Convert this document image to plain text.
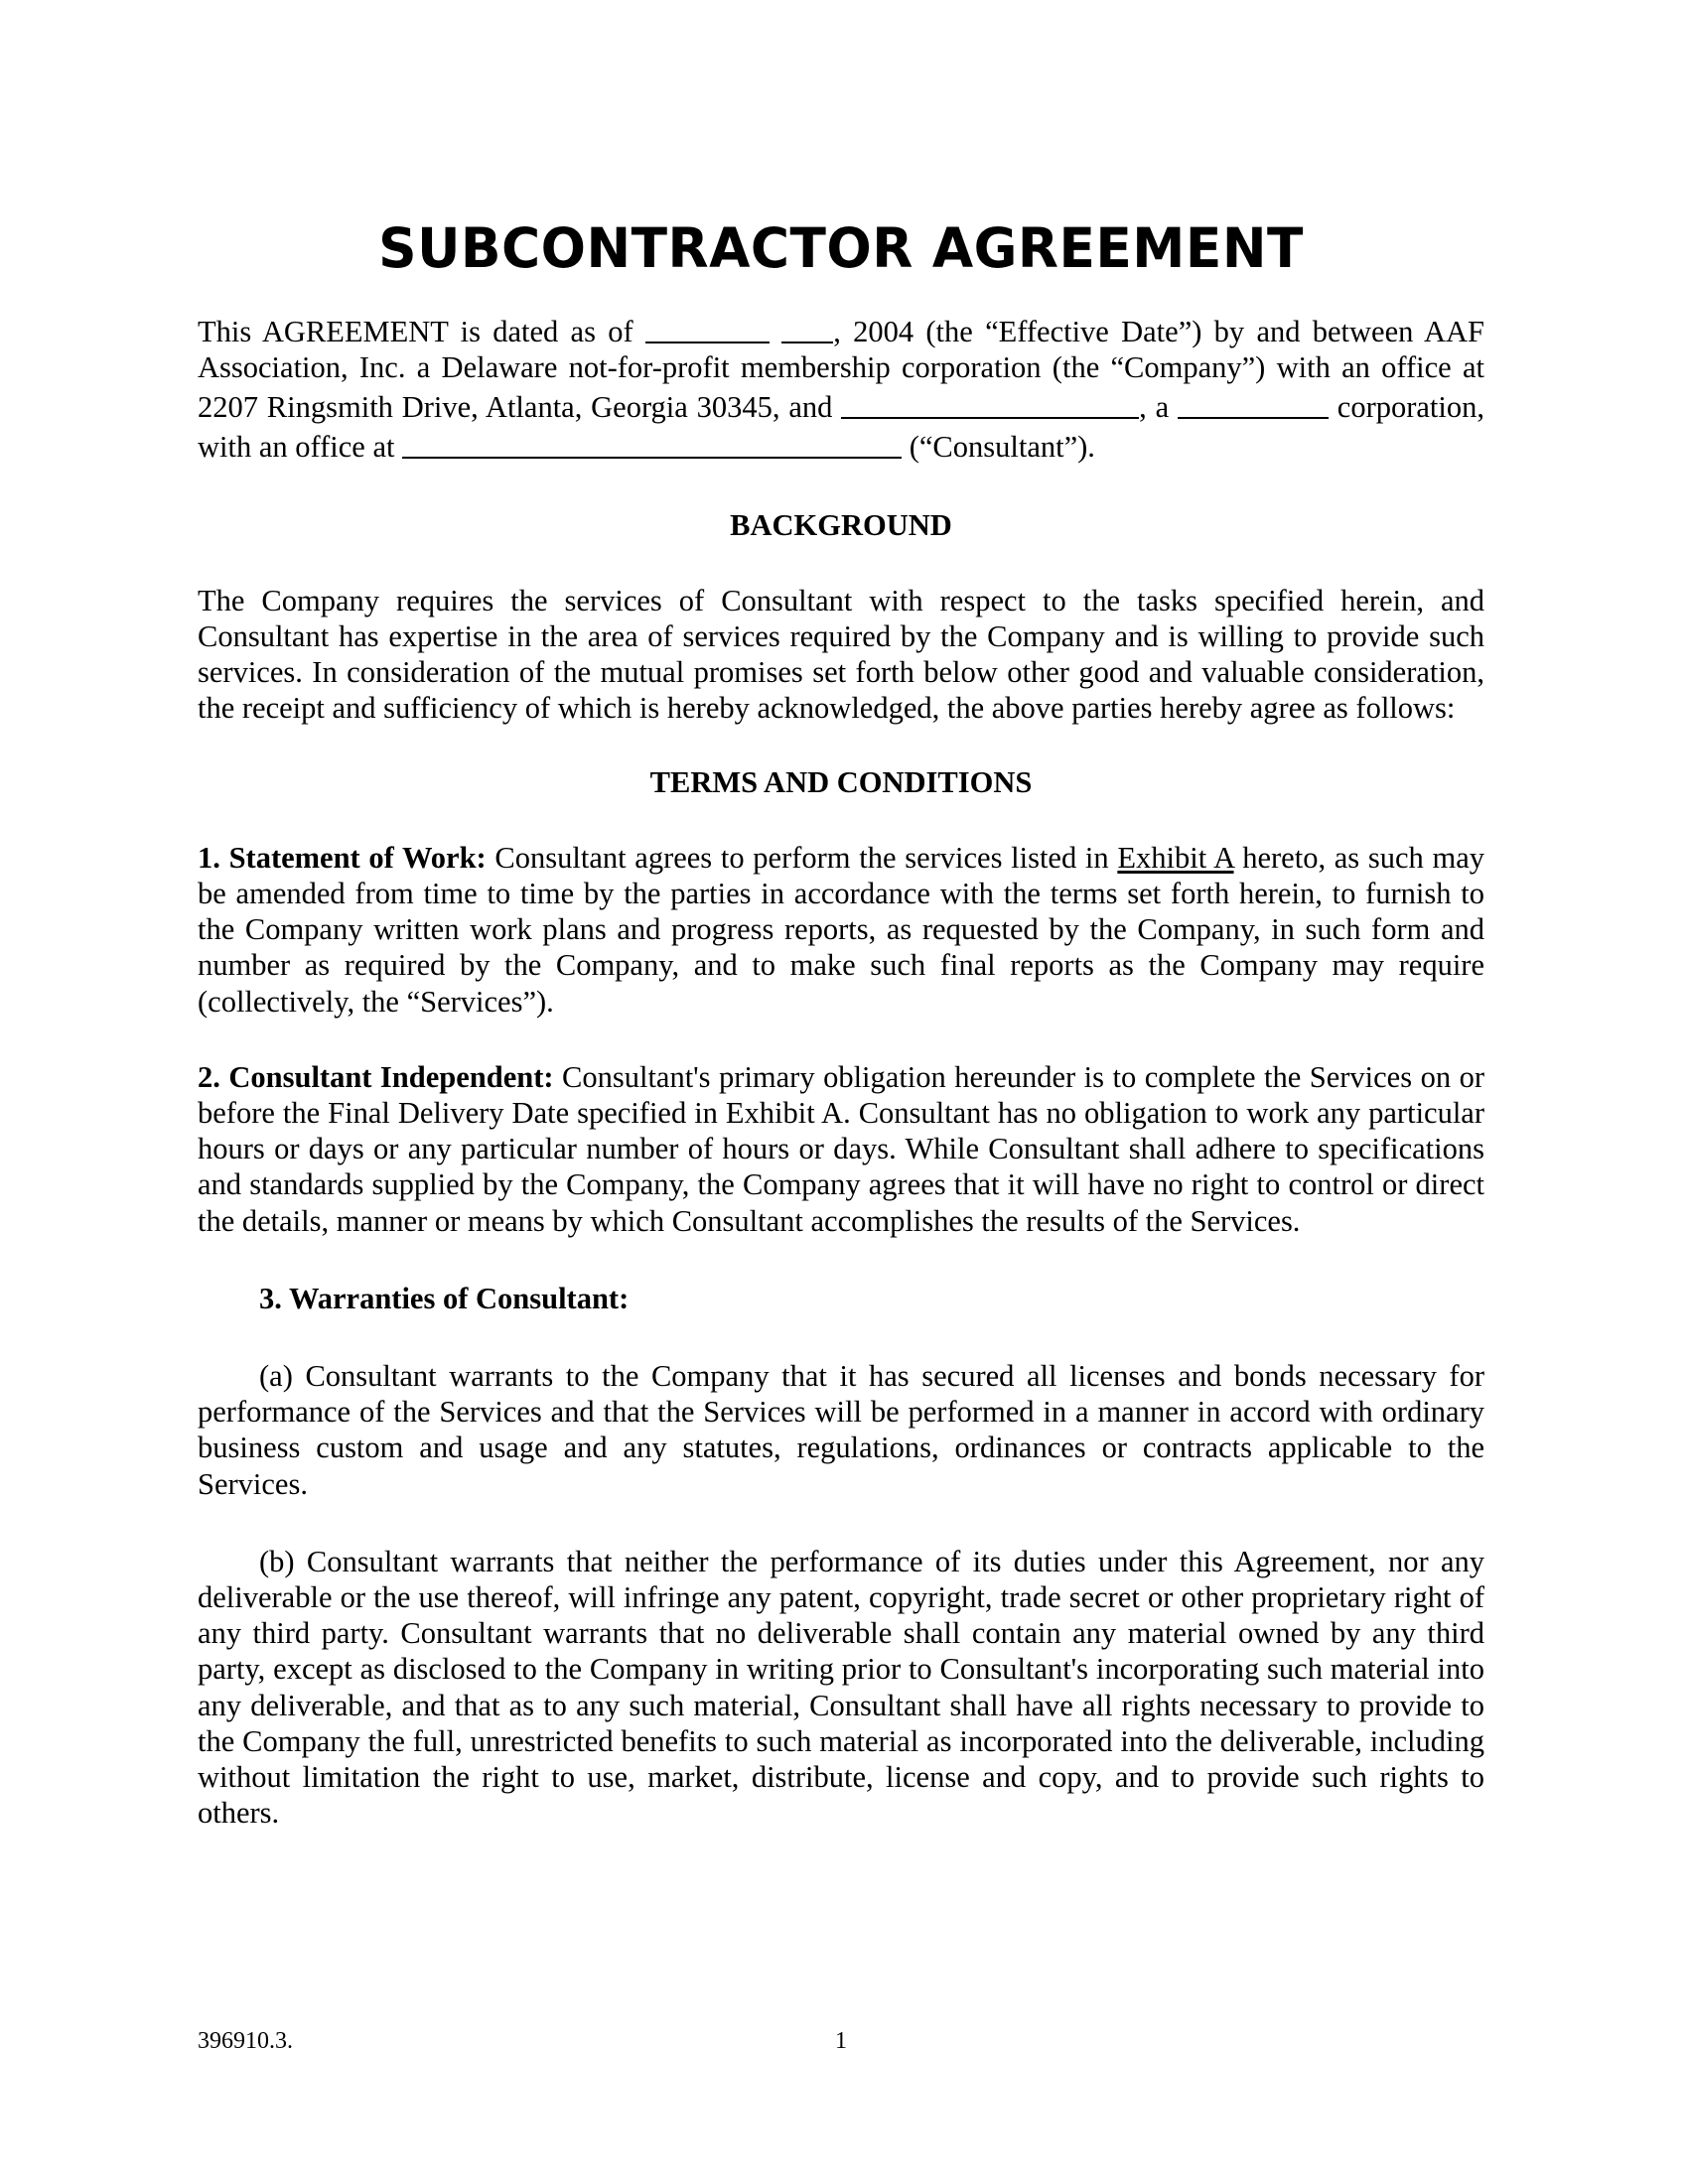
SUBCONTRACTOR AGREEMENT

This AGREEMENT is dated as of	, 2004 (the “Effective Date”) by and between AAF Association, Inc. a Delaware not-for-profit membership corporation (the “Company”) with an office at 2207 Ringsmith Drive, Atlanta, Georgia 30345, and	, a	corporation, with an office at	(“Consultant”).

BACKGROUND

The Company requires the services of Consultant with respect to the tasks specified herein, and Consultant has expertise in the area of services required by the Company and is willing to provide such services. In consideration of the mutual promises set forth below other good and valuable consideration, the receipt and sufficiency of which is hereby acknowledged, the above parties hereby agree as follows:

TERMS AND CONDITIONS

1. Statement of Work: Consultant agrees to perform the services listed in Exhibit A hereto, as such may be amended from time to time by the parties in accordance with the terms set forth herein, to furnish to the Company written work plans and progress reports, as requested by the Company, in such form and number as required by the Company, and to make such final reports as the Company may require (collectively, the “Services”).

2. Consultant Independent: Consultant's primary obligation hereunder is to complete the Services on or before the Final Delivery Date specified in Exhibit A. Consultant has no obligation to work any particular hours or days or any particular number of hours or days. While Consultant shall adhere to specifications and standards supplied by the Company, the Company agrees that it will have no right to control or direct the details, manner or means by which Consultant accomplishes the results of the Services.

3. Warranties of Consultant:

(a) Consultant warrants to the Company that it has secured all licenses and bonds necessary for performance of the Services and that the Services will be performed in a manner in accord with ordinary business custom and usage and any statutes, regulations, ordinances or contracts applicable to the Services.

(b) Consultant warrants that neither the performance of its duties under this Agreement, nor any deliverable or the use thereof, will infringe any patent, copyright, trade secret or other proprietary right of any third party. Consultant warrants that no deliverable shall contain any material owned by any third party, except as disclosed to the Company in writing prior to Consultant's incorporating such material into any deliverable, and that as to any such material, Consultant shall have all rights necessary to provide to the Company the full, unrestricted benefits to such material as incorporated into the deliverable, including without limitation the right to use, market, distribute, license and copy, and to provide such rights to others.

396910.3.	1
